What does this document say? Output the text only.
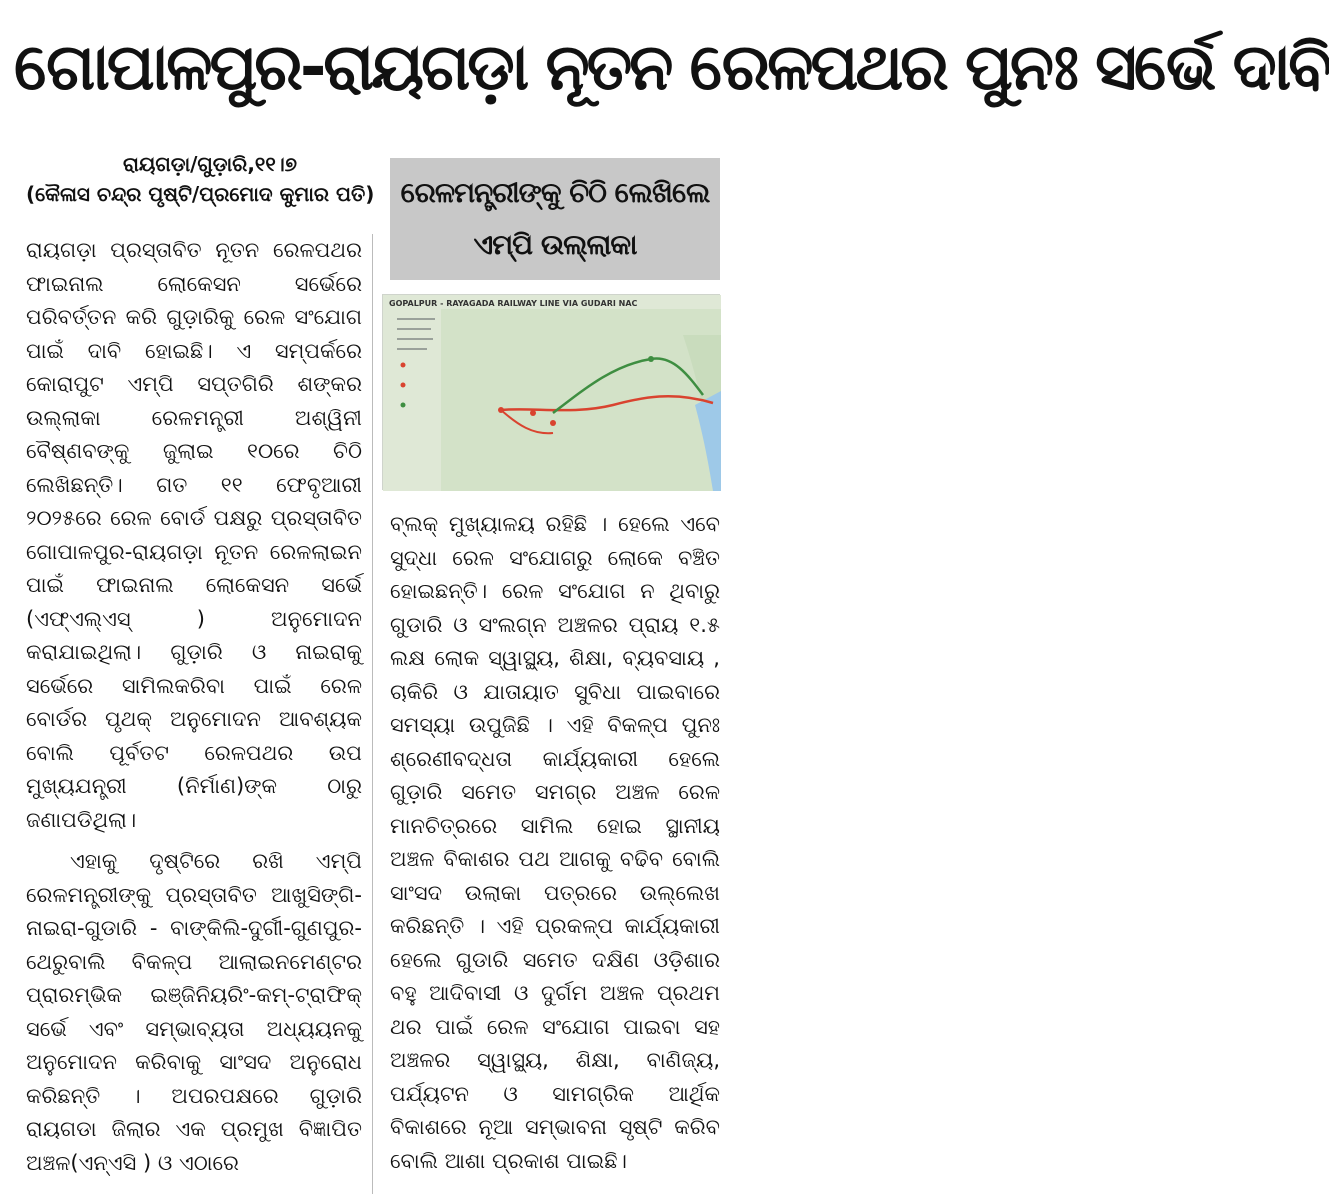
ଗୋପାଳପୁର-ରାୟଗଡ଼ା ନୂତନ ରେଳପଥର ପୁନଃ ସର୍ଭେ ଦାବି
ରାୟଗଡ଼ା/ଗୁଡ଼ାରି,୧୧।୭
(କୈଳାସ ଚନ୍ଦ୍ର ପୃଷ୍ଟି/ପ୍ରମୋଦ କୁମାର ପତି)

ରାୟଗଡ଼ା ପ୍ରସ୍ତାବିତ ନୂତନ ରେଳପଥର ଫାଇନାଲ ଲୋକେସନ ସର୍ଭେରେ ପରିବର୍ତ୍ତନ କରି ଗୁଡ଼ାରିକୁ ରେଳ ସଂଯୋଗ ପାଇଁ ଦାବି ହୋଇଛି। ଏ ସମ୍ପର୍କରେ କୋରାପୁଟ ଏମ୍‌ପି ସପ୍ତଗିରି ଶଙ୍କର ଉଲ୍ଲାକା ରେଳମନ୍ତ୍ରୀ ଅଶ୍ୱିନୀ ବୈଷ୍ଣବଙ୍କୁ ଜୁଲାଇ ୧୦ରେ ଚିଠି ଲେଖିଛନ୍ତି। ଗତ ୧୧ ଫେବୃଆରୀ ୨୦୨୫ରେ ରେଳ ବୋର୍ଡ ପକ୍ଷରୁ ପ୍ରସ୍ତାବିତ ଗୋପାଳପୁର-ରାୟଗଡ଼ା ନୂତନ ରେଳଲାଇନ ପାଇଁ ଫାଇନାଲ ଲୋକେସନ ସର୍ଭେ (ଏଫ୍‌ଏଲ୍‌ଏସ୍ ) ଅନୁମୋଦନ କରାଯାଇଥିଲା। ଗୁଡ଼ାରି ଓ ନାଇରାକୁ ସର୍ଭେରେ ସାମିଲକରିବା ପାଇଁ ରେଳ ବୋର୍ଡର ପୃଥକ୍ ଅନୁମୋଦନ ଆବଶ୍ୟକ ବୋଲି ପୂର୍ବତଟ ରେଳପଥର ଉପ ମୁଖ୍ୟଯନ୍ତ୍ରୀ (ନିର୍ମାଣ)ଙ୍କ ଠାରୁ ଜଣାପଡିଥିଲା।

ଏହାକୁ ଦୃଷ୍ଟିରେ ରଖି ଏମ୍‌ପି ରେଳମନ୍ତ୍ରୀଙ୍କୁ ପ୍ରସ୍ତାବିତ ଆଖୁସିଙ୍ଗି-ନାଇରା-ଗୁଡାରି - ବାଙ୍କିଲି-ଦୁର୍ଗୀ-ଗୁଣପୁର-ଥେରୁବାଲି ବିକଳ୍ପ ଆଲାଇନମେଣ୍ଟର ପ୍ରାରମ୍ଭିକ ଇଞ୍ଜିନିୟରିଂ-କମ୍-ଟ୍ରାଫିକ୍ ସର୍ଭେ ଏବଂ ସମ୍ଭାବ୍ୟତା ଅଧ୍ୟୟନକୁ ଅନୁମୋଦନ କରିବାକୁ ସାଂସଦ ଅନୁରୋଧ କରିଛନ୍ତି । ଅପରପକ୍ଷରେ ଗୁଡ଼ାରି ରାୟଗଡା ଜିଲାର ଏକ ପ୍ରମୁଖ ବିଜ୍ଞାପିତ ଅଞ୍ଚଳ(ଏନ୍‌ଏସି ) ଓ ଏଠାରେ

ରେଳମନ୍ତ୍ରୀଙ୍କୁ ଚିଠି ଲେଖିଲେ
ଏମ୍‌ପି ଉଲ୍ଲାକା
GOPALPUR - RAYAGADA RAILWAY LINE VIA GUDARI NAC
ବ୍ଲକ୍ ମୁଖ୍ୟାଳୟ ରହିଛି । ହେଲେ ଏବେ ସୁଦ୍ଧା ରେଳ ସଂଯୋଗରୁ ଲୋକେ ବଞ୍ଚିତ ହୋଇଛନ୍ତି। ରେଳ ସଂଯୋଗ ନ ଥିବାରୁ ଗୁଡାରି ଓ ସଂଲଗ୍ନ ଅଞ୍ଚଳର ପ୍ରାୟ ୧.୫ ଲକ୍ଷ ଲୋକ ସ୍ୱାସ୍ଥ୍ୟ, ଶିକ୍ଷା, ବ୍ୟବସାୟ , ଚାକିରି ଓ ଯାତାୟାତ ସୁବିଧା ପାଇବାରେ ସମସ୍ୟା ଉପୁଜିଛି । ଏହି ବିକଳ୍ପ ପୁନଃ ଶ୍ରେଣୀବଦ୍ଧତା କାର୍ଯ୍ୟକାରୀ ହେଲେ ଗୁଡ଼ାରି ସମେତ ସମଗ୍ର ଅଞ୍ଚଳ ରେଳ ମାନଚିତ୍ରରେ ସାମିଲ ହୋଇ ସ୍ଥାନୀୟ ଅଞ୍ଚଳ ବିକାଶର ପଥ ଆଗକୁ ବଢିବ ବୋଲି ସାଂସଦ ଉଲାକା ପତ୍ରରେ ଉଲ୍ଲେଖ କରିଛନ୍ତି । ଏହି ପ୍ରକଳ୍ପ କାର୍ଯ୍ୟକାରୀ ହେଲେ ଗୁଡାରି ସମେତ ଦକ୍ଷିଣ ଓଡ଼ିଶାର ବହୁ ଆଦିବାସୀ ଓ ଦୁର୍ଗମ ଅଞ୍ଚଳ ପ୍ରଥମ ଥର ପାଇଁ ରେଳ ସଂଯୋଗ ପାଇବା ସହ ଅଞ୍ଚଳର ସ୍ୱାସ୍ଥ୍ୟ, ଶିକ୍ଷା, ବାଣିଜ୍ୟ, ପର୍ଯ୍ୟଟନ ଓ ସାମଗ୍ରିକ ଆର୍ଥିକ ବିକାଶରେ ନୂଆ ସମ୍ଭାବନା ସୃଷ୍ଟି କରିବ ବୋଲି ଆଶା ପ୍ରକାଶ ପାଇଛି।
